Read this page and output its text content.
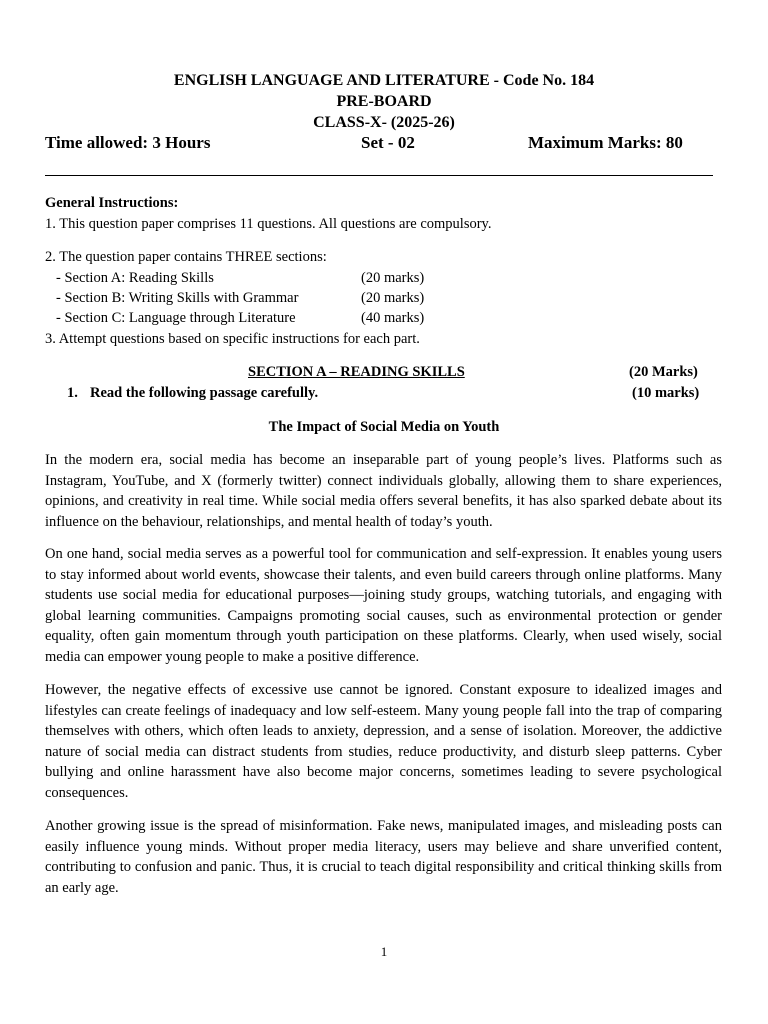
ENGLISH LANGUAGE AND LITERATURE - Code No. 184
PRE-BOARD
CLASS-X- (2025-26)
Time allowed: 3 Hours	Set - 02	Maximum Marks: 80
General Instructions:
1. This question paper comprises 11 questions. All questions are compulsory.
2. The question paper contains THREE sections:
- Section A: Reading Skills	(20 marks)
- Section B: Writing Skills with Grammar	(20 marks)
- Section C: Language through Literature	(40 marks)
3. Attempt questions based on specific instructions for each part.
SECTION A – READING SKILLS	(20 Marks)
1. Read the following passage carefully.	(10 marks)
The Impact of Social Media on Youth

In the modern era, social media has become an inseparable part of young people’s lives. Platforms such as Instagram, YouTube, and X (formerly twitter) connect individuals globally, allowing them to share experiences, opinions, and creativity in real time. While social media offers several benefits, it has also sparked debate about its influence on the behaviour, relationships, and mental health of today’s youth.

On one hand, social media serves as a powerful tool for communication and self-expression. It enables young users to stay informed about world events, showcase their talents, and even build careers through online platforms. Many students use social media for educational purposes—joining study groups, watching tutorials, and engaging with global learning communities. Campaigns promoting social causes, such as environmental protection or gender equality, often gain momentum through youth participation on these platforms. Clearly, when used wisely, social media can empower young people to make a positive difference.

However, the negative effects of excessive use cannot be ignored. Constant exposure to idealized images and lifestyles can create feelings of inadequacy and low self-esteem. Many young people fall into the trap of comparing themselves with others, which often leads to anxiety, depression, and a sense of isolation. Moreover, the addictive nature of social media can distract students from studies, reduce productivity, and disturb sleep patterns. Cyber bullying and online harassment have also become major concerns, sometimes leading to severe psychological consequences.

Another growing issue is the spread of misinformation. Fake news, manipulated images, and misleading posts can easily influence young minds. Without proper media literacy, users may believe and share unverified content, contributing to confusion and panic. Thus, it is crucial to teach digital responsibility and critical thinking skills from an early age.

1
